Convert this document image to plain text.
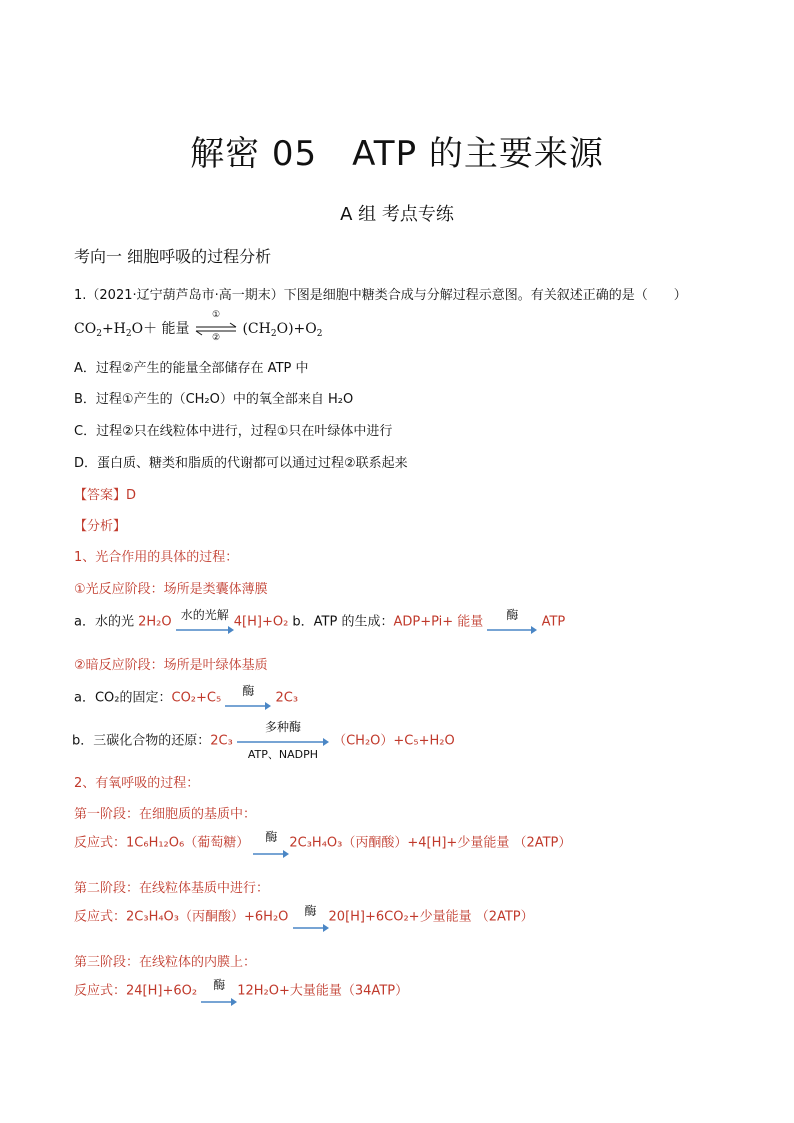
解密 05　ATP 的主要来源
A 组 考点专练
考向一 细胞呼吸的过程分析
1.（2021·辽宁葫芦岛市·高一期末）下图是细胞中糖类合成与分解过程示意图。有关叙述正确的是（　　）
$CO_2+H_2O+$ 能量
①
②
$(CH_2O)+O_2$
A．过程②产生的能量全部储存在 ATP 中
B．过程①产生的（CH₂O）中的氧全部来自 H₂O
C．过程②只在线粒体中进行，过程①只在叶绿体中进行
D．蛋白质、糖类和脂质的代谢都可以通过过程②联系起来
【答案】D
【分析】
1、光合作用的具体的过程：
①光反应阶段：场所是类囊体薄膜
a．水的光 2H₂O 水的光解 4[H]+O₂ b．ATP 的生成：ADP+Pi+ 能量	酶	ATP
②暗反应阶段：场所是叶绿体基质
a．CO₂的固定：CO₂+C₅	酶	2C₃
b．三碳化合物的还原：2C₃
多种酶
ATP、NADPH
（CH₂O）+C₅+H₂O
2、有氧呼吸的过程：
第一阶段：在细胞质的基质中：
反应式：1C₆H₁₂O₆（葡萄糖）	酶 2C₃H₄O₃（丙酮酸）+4[H]+少量能量 （2ATP）
第二阶段：在线粒体基质中进行：
反应式：2C₃H₄O₃（丙酮酸）+6H₂O	酶 20[H]+6CO₂+少量能量 （2ATP）
第三阶段：在线粒体的内膜上：
反应式：24[H]+6O₂	酶 12H₂O+大量能量（34ATP）
